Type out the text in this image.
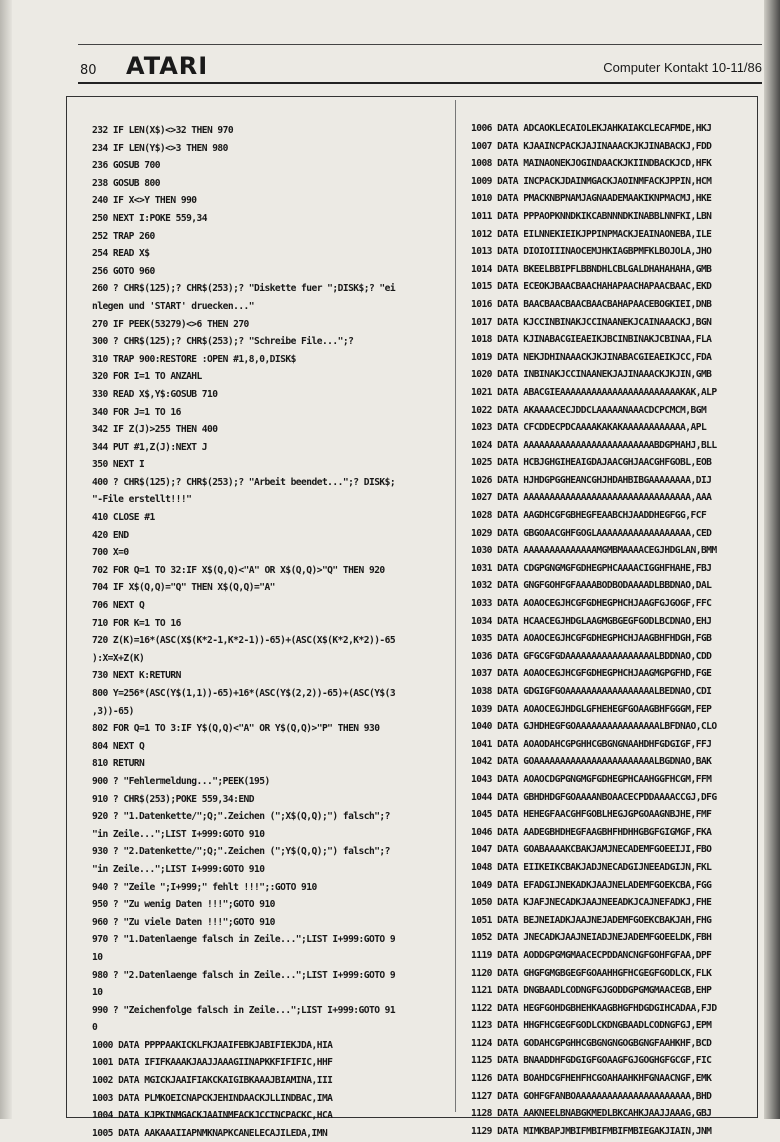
80 ATARI	Computer Kontakt 10-11/86
232 IF LEN(X$)<>32 THEN 970
234 IF LEN(Y$)<>3 THEN 980
236 GOSUB 700
238 GOSUB 800
240 IF X<>Y THEN 990
250 NEXT I:POKE 559,34
252 TRAP 260
254 READ X$
256 GOTO 960
260 ? CHR$(125);? CHR$(253);? "Diskette fuer ";DISK$;? "ei
nlegen und 'START' druecken..."
270 IF PEEK(53279)<>6 THEN 270
300 ? CHR$(125);? CHR$(253);? "Schreibe File...";?
310 TRAP 900:RESTORE :OPEN #1,8,0,DISK$
320 FOR I=1 TO ANZAHL
330 READ X$,Y$:GOSUB 710
340 FOR J=1 TO 16
342 IF Z(J)>255 THEN 400
344 PUT #1,Z(J):NEXT J
350 NEXT I
400 ? CHR$(125);? CHR$(253);? "Arbeit beendet...";? DISK$;
"-File erstellt!!!"
410 CLOSE #1
420 END
700 X=0
702 FOR Q=1 TO 32:IF X$(Q,Q)<"A" OR X$(Q,Q)>"Q" THEN 920
704 IF X$(Q,Q)="Q" THEN X$(Q,Q)="A"
706 NEXT Q
710 FOR K=1 TO 16
720 Z(K)=16*(ASC(X$(K*2-1,K*2-1))-65)+(ASC(X$(K*2,K*2))-65
):X=X+Z(K)
730 NEXT K:RETURN
800 Y=256*(ASC(Y$(1,1))-65)+16*(ASC(Y$(2,2))-65)+(ASC(Y$(3
,3))-65)
802 FOR Q=1 TO 3:IF Y$(Q,Q)<"A" OR Y$(Q,Q)>"P" THEN 930
804 NEXT Q
810 RETURN
900 ? "Fehlermeldung...";PEEK(195)
910 ? CHR$(253);POKE 559,34:END
920 ? "1.Datenkette/";Q;".Zeichen (";X$(Q,Q);") falsch";?
"in Zeile...";LIST I+999:GOTO 910
930 ? "2.Datenkette/";Q;".Zeichen (";Y$(Q,Q);") falsch";?
"in Zeile...";LIST I+999:GOTO 910
940 ? "Zeile ";I+999;" fehlt !!!";:GOTO 910
950 ? "Zu wenig Daten !!!";GOTO 910
960 ? "Zu viele Daten !!!";GOTO 910
970 ? "1.Datenlaenge falsch in Zeile...";LIST I+999:GOTO 9
10
980 ? "2.Datenlaenge falsch in Zeile...";LIST I+999:GOTO 9
10
990 ? "Zeichenfolge falsch in Zeile...";LIST I+999:GOTO 91
0
1000 DATA PPPPAAKICKLFKJAAIFEBKJABIFIEKJDA,HIA
1001 DATA IFIFKAAAKJAAJJAAAGIINAPKKFIFIFIC,HHF
1002 DATA MGICKJAAIFIAKCKAIGIBKAAAJBIAMINA,III
1003 DATA PLMKOEICNAPCKJEHINDAACKJLLINDBAC,IMA
1004 DATA KJPKINMGACKJAAINMFACKJCCINCPACKC,HCA
1005 DATA AAKAAAIIAPNMKNAPKCANELECAJILEDA,IMN
1006 DATA ADCAOKLECAIOLEKJAHKAIAKCLECAFMDE,HKJ
1007 DATA KJAAINCPACKJAJINAAACKJKJINABACKJ,FDD
1008 DATA MAINAONEKJOGINDAACKJKIINDBACKJCD,HFK
1009 DATA INCPACKJDAINMGACKJAOINMFACKJPPIN,HCM
1010 DATA PMACKNBPNAMJAGNAADEMAAKIKNPMACMJ,HKE
1011 DATA PPPAOPKNNDKIKCABNNNDKINABBLNNFKI,LBN
1012 DATA EILNNEKIEIKJPPINPMACKJEAINAONEBA,ILE
1013 DATA DIOIOIIINAOCEMJHKIAGBPMFKLBOJOLA,JHO
1014 DATA BKEELBBIPFLBBNDHLCBLGALDHAHAHAHA,GMB
1015 DATA ECEOKJBAACBAACHAHAPAACHAPAACBAAC,EKD
1016 DATA BAACBAACBAACBAACBAHAPAACEBOGKIEI,DNB
1017 DATA KJCCINBINAKJCCINAANEKJCAINAAACKJ,BGN
1018 DATA KJINABACGIEAEIKJBCINBINAKJCBINAA,FLA
1019 DATA NEKJDHINAAACKJKJINABACGIEAEIKJCC,FDA
1020 DATA INBINAKJCCINAANEKJAJINAAACKJKJIN,GMB
1021 DATA ABACGIEAAAAAAAAAAAAAAAAAAAAAAAKAK,ALP
1022 DATA AKAAAACECJDDCLAAAAANAAACDCPCMCM,BGM
1023 DATA CFCDDECPDCAAAAKAKAKAAAAAAAAAAAA,APL
1024 DATA AAAAAAAAAAAAAAAAAAAAAAAAABDGPHAHJ,BLL
1025 DATA HCBJGHGIHEAIGDAJAACGHJAACGHFGOBL,EOB
1026 DATA HJHDGPGGHEANCGHJHDAHBIBGAAAAAAAA,DIJ
1027 DATA AAAAAAAAAAAAAAAAAAAAAAAAAAAAAAAA,AAA
1028 DATA AAGDHCGFGBHEGFEAABCHJAADDHEGFGG,FCF
1029 DATA GBGOAACGHFGOGLAAAAAAAAAAAAAAAAAA,CED
1030 DATA AAAAAAAAAAAAAAMGMBMAAAACEGJHDGLAN,BMM
1031 DATA CDGPGNGMGFGDHEGPHCAAAACIGGHFHAHE,FBJ
1032 DATA GNGFGOHFGFAAAABODBODAAAADLBBDNAO,DAL
1033 DATA AOAOCEGJHCGFGDHEGPHCHJAAGFGJGOGF,FFC
1034 DATA HCAACEGJHDGLAAGMGBGEGFGODLBCDNAO,EHJ
1035 DATA AOAOCEGJHCGFGDHEGPHCHJAAGBHFHDGH,FGB
1036 DATA GFGCGFGDAAAAAAAAAAAAAAAAALBDDNAO,CDD
1037 DATA AOAOCEGJHCGFGDHEGPHCHJAAGMGPGFHD,FGE
1038 DATA GDGIGFGOAAAAAAAAAAAAAAAAALBEDNAO,CDI
1039 DATA AOAOCEGJHDGLGFHEHEGFGOAAGBHFGGGM,FEP
1040 DATA GJHDHEGFGOAAAAAAAAAAAAAAAALBFDNAO,CLO
1041 DATA AOAODAHCGPGHHCGBGNGNAAHDHFGDGIGF,FFJ
1042 DATA GOAAAAAAAAAAAAAAAAAAAAAAALBGDNAO,BAK
1043 DATA AOAOCDGPGNGMGFGDHEGPHCAAHGGFHCGM,FFM
1044 DATA GBHDHDGFGOAAAANBOAACECPDDAAAACCGJ,DFG
1045 DATA HEHEGFAACGHFGOBLHEGJGPGOAAGNBJHE,FMF
1046 DATA AADEGBHDHEGFAAGBHFHDHHGBGFGIGMGF,FKA
1047 DATA GOABAAAAKCBAKJAMJNECADEMFGOEEIJI,FBO
1048 DATA EIIKEIKCBAKJADJNECADGIJNEEADGIJN,FKL
1049 DATA EFADGIJNEKADKJAAJNELADEMFGOEKCBA,FGG
1050 DATA KJAFJNECADKJAAJNEEADKJCAJNEFADKJ,FHE
1051 DATA BEJNEIADKJAAJNEJADEMFGOEKCBAKJAH,FHG
1052 DATA JNECADKJAAJNEIADJNEJADEMFGOEELDK,FBH
1119 DATA AODDGPGMGMAACECPDDANCNGFGOHFGFAA,DPF
1120 DATA GHGFGMGBGEGFGOAAHHGFHCGEGFGODLCK,FLK
1121 DATA DNGBAADLCODNGFGJGODDGPGMGMAACEGB,EHP
1122 DATA HEGFGOHDGBHEHKAAGBHGFHDGDGIHCADAA,FJD
1123 DATA HHGFHCGEGFGODLCKDNGBAADLCODNGFGJ,EPM
1124 DATA GODAHCGPGHHCGBGNGNGOGBGNGFAAHKHF,BCD
1125 DATA BNAADDHFGDGIGFGOAAGFGJGOGHGFGCGF,FIC
1126 DATA BOAHDCGFHEHFHCGOAHAAHKHFGNAACNGF,EMK
1127 DATA GOHFGFANBOAAAAAAAAAAAAAAAAAAAAAA,BHD
1128 DATA AAKNEELBNABGKMEDLBKCAHKJAAJJAAAG,GBJ
1129 DATA MIMKBAPJMBIFMBIFMBIFMBIEGAKJIAIN,JNM
